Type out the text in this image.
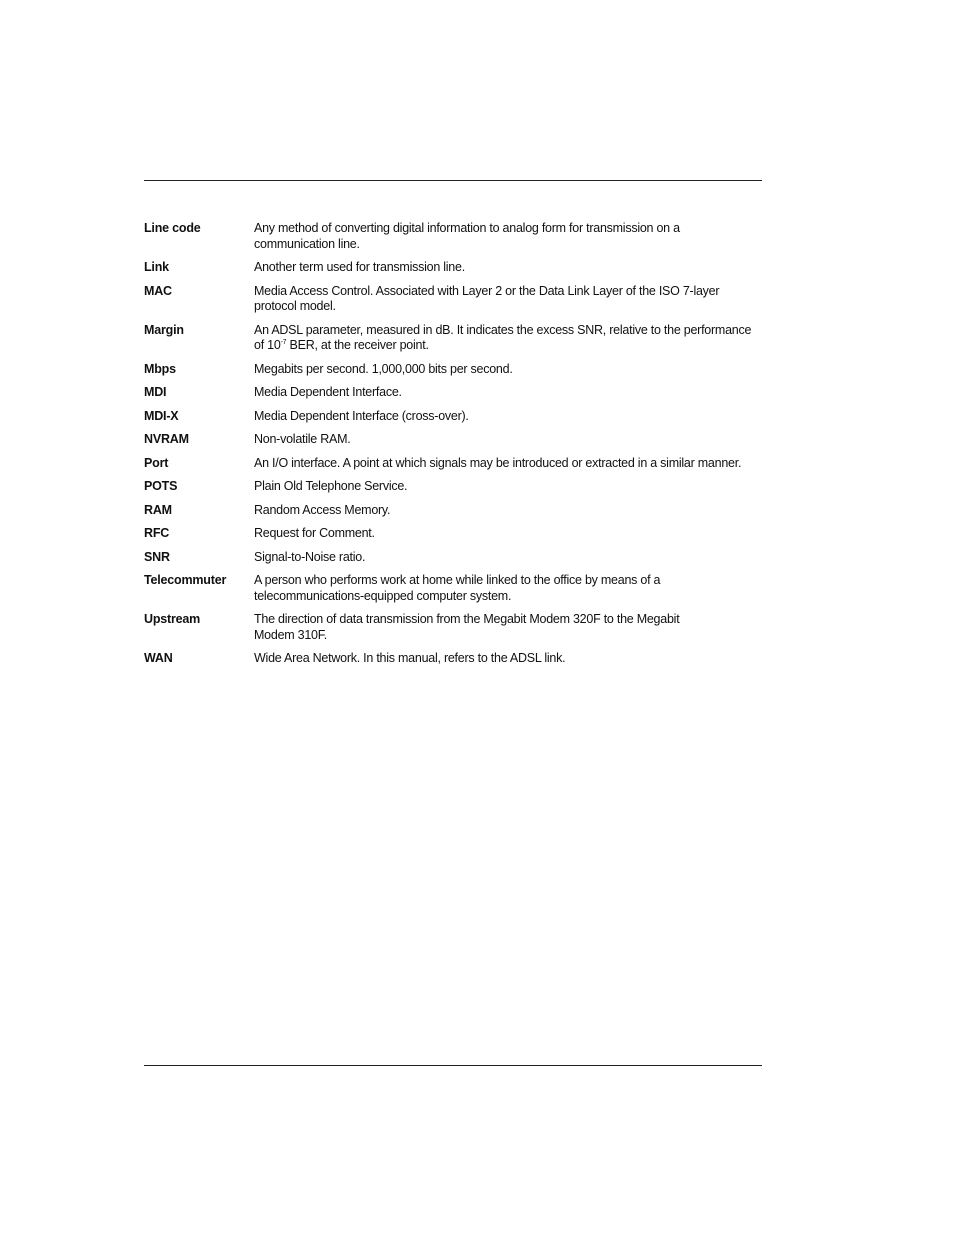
Line code	Any method of converting digital information to analog form for transmission on a
communication line.
Link	Another term used for transmission line.
MAC	Media Access Control. Associated with Layer 2 or the Data Link Layer of the ISO 7-layer
protocol model.
Margin	An ADSL parameter, measured in dB. It indicates the excess SNR, relative to the performance
of $10^{-7}$ BER, at the receiver point.
Mbps	Megabits per second. 1,000,000 bits per second.
MDI	Media Dependent Interface.
MDI-X	Media Dependent Interface (cross-over).
NVRAM	Non-volatile RAM.
Port	An I/O interface. A point at which signals may be introduced or extracted in a similar manner.
POTS	Plain Old Telephone Service.
RAM	Random Access Memory.
RFC	Request for Comment.
SNR	Signal-to-Noise ratio.
Telecommuter	A person who performs work at home while linked to the office by means of a
telecommunications-equipped computer system.
Upstream	The direction of data transmission from the Megabit Modem 320F to the Megabit
Modem 310F.
WAN	Wide Area Network. In this manual, refers to the ADSL link.
